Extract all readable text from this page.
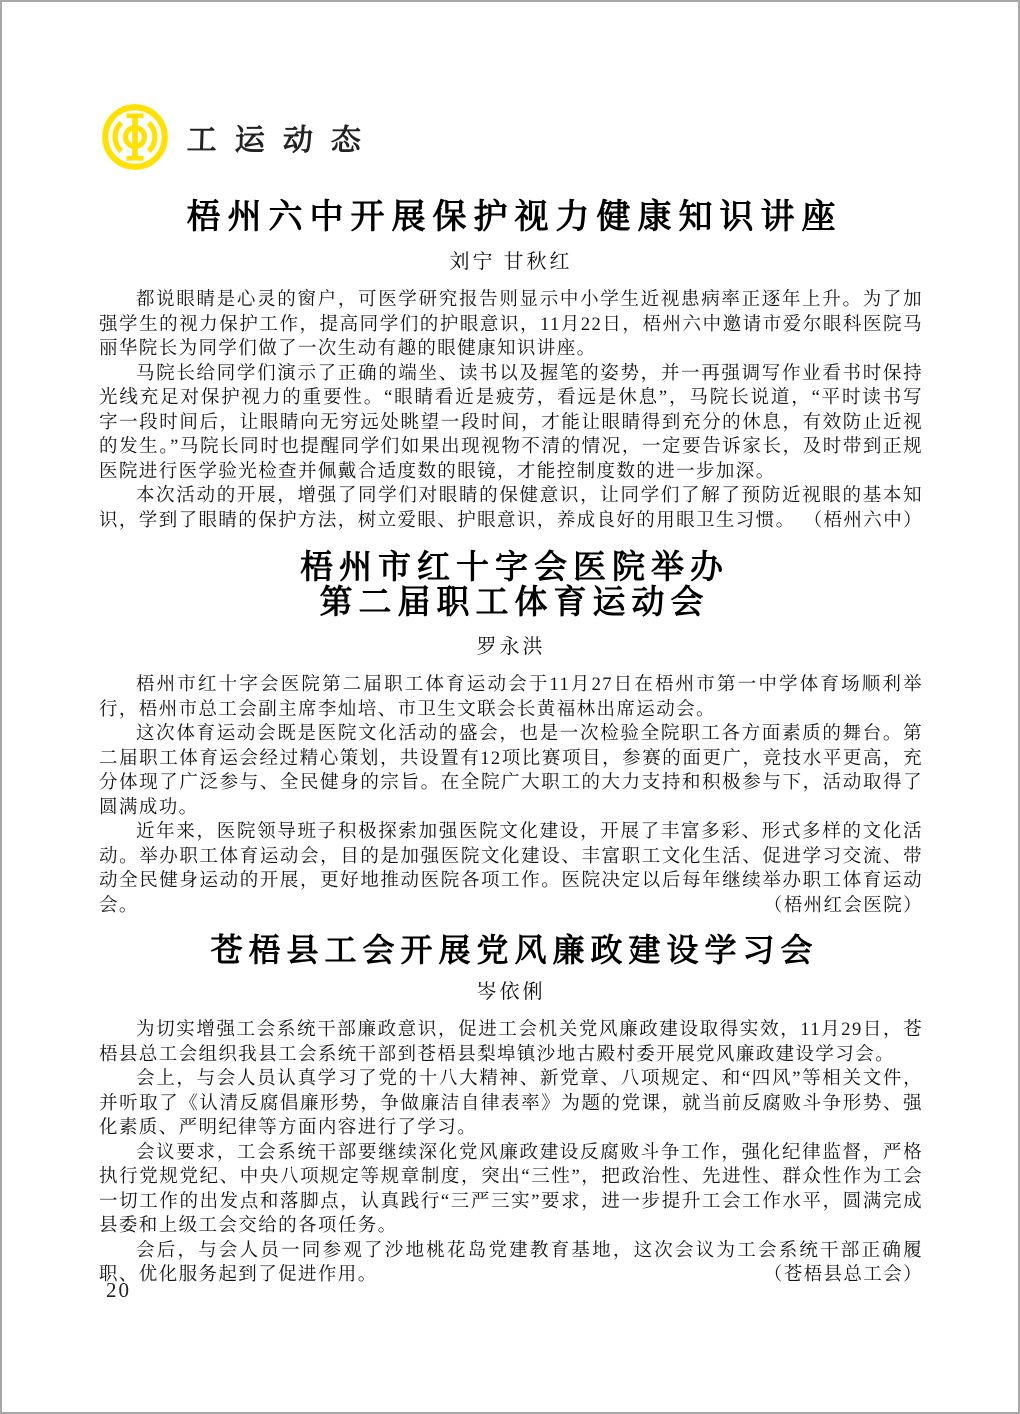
工运动态
梧州六中开展保护视力健康知识讲座
刘宁 甘秋红

都说眼睛是心灵的窗户，可医学研究报告则显示中小学生近视患病率正逐年上升。为了加强学生的视力保护工作，提高同学们的护眼意识，11月22日，梧州六中邀请市爱尔眼科医院马丽华院长为同学们做了一次生动有趣的眼健康知识讲座。

马院长给同学们演示了正确的端坐、读书以及握笔的姿势，并一再强调写作业看书时保持光线充足对保护视力的重要性。“眼睛看近是疲劳，看远是休息”，马院长说道，“平时读书写字一段时间后，让眼睛向无穷远处眺望一段时间，才能让眼睛得到充分的休息，有效防止近视的发生。”马院长同时也提醒同学们如果出现视物不清的情况，一定要告诉家长，及时带到正规医院进行医学验光检查并佩戴合适度数的眼镜，才能控制度数的进一步加深。

本次活动的开展，增强了同学们对眼睛的保健意识，让同学们了解了预防近视眼的基本知识，学到了眼睛的保护方法，树立爱眼、护眼意识，养成良好的用眼卫生习惯。 （梧州六中）
梧州市红十字会医院举办
第二届职工体育运动会
罗永洪

梧州市红十字会医院第二届职工体育运动会于11月27日在梧州市第一中学体育场顺利举行，梧州市总工会副主席李灿培、市卫生文联会长黄福林出席运动会。

这次体育运动会既是医院文化活动的盛会，也是一次检验全院职工各方面素质的舞台。第二届职工体育运会经过精心策划，共设置有12项比赛项目，参赛的面更广，竞技水平更高，充分体现了广泛参与、全民健身的宗旨。在全院广大职工的大力支持和积极参与下，活动取得了圆满成功。

近年来，医院领导班子积极探索加强医院文化建设，开展了丰富多彩、形式多样的文化活动。举办职工体育运动会，目的是加强医院文化建设、丰富职工文化生活、促进学习交流、带动全民健身运动的开展，更好地推动医院各项工作。医院决定以后每年继续举办职工体育运动会。	（梧州红会医院）
苍梧县工会开展党风廉政建设学习会
岑依俐

为切实增强工会系统干部廉政意识，促进工会机关党风廉政建设取得实效，11月29日，苍梧县总工会组织我县工会系统干部到苍梧县梨埠镇沙地古殿村委开展党风廉政建设学习会。

会上，与会人员认真学习了党的十八大精神、新党章、八项规定、和“四风”等相关文件，并听取了《认清反腐倡廉形势，争做廉洁自律表率》为题的党课，就当前反腐败斗争形势、强化素质、严明纪律等方面内容进行了学习。

会议要求，工会系统干部要继续深化党风廉政建设反腐败斗争工作，强化纪律监督，严格执行党规党纪、中央八项规定等规章制度，突出“三性”，把政治性、先进性、群众性作为工会一切工作的出发点和落脚点，认真践行“三严三实”要求，进一步提升工会工作水平，圆满完成县委和上级工会交给的各项任务。

会后，与会人员一同参观了沙地桃花岛党建教育基地，这次会议为工会系统干部正确履职、优化服务起到了促进作用。	（苍梧县总工会）
20
